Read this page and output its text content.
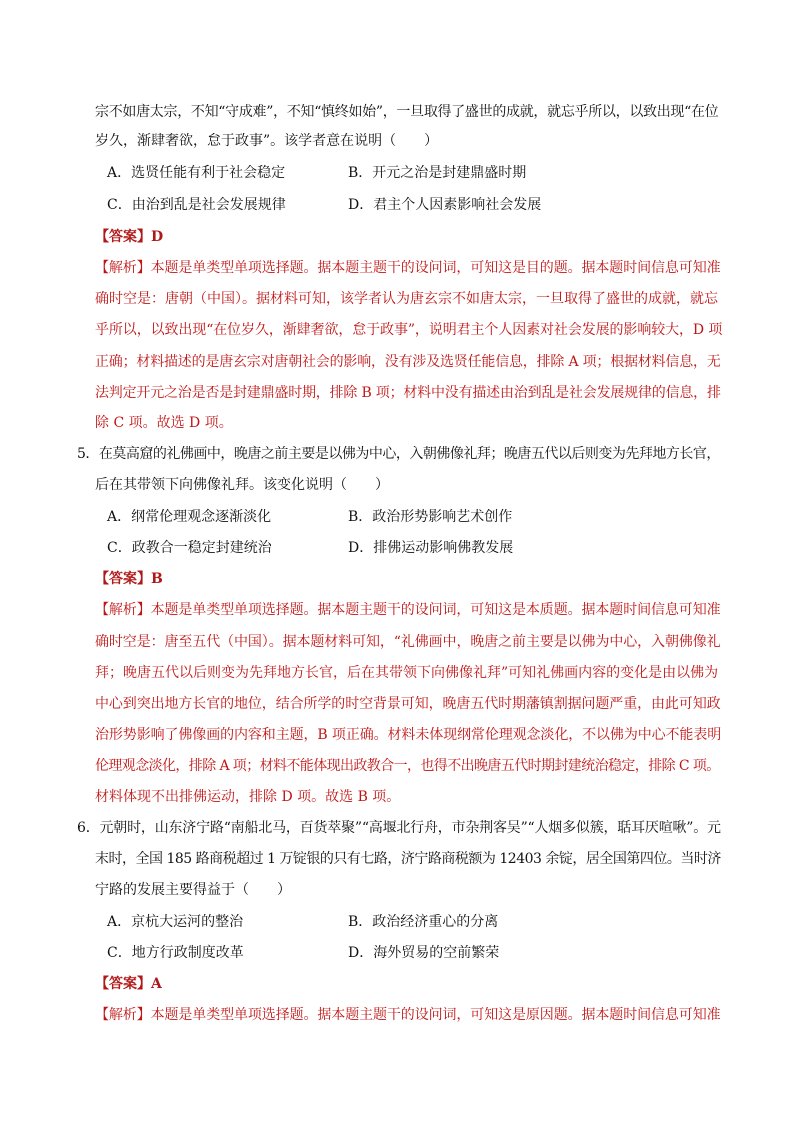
宗不如唐太宗，不知“守成难”，不知“慎终如始”，一旦取得了盛世的成就，就忘乎所以，以致出现“在位
岁久，渐肆奢欲，怠于政事”。该学者意在说明（　　）
A．选贤任能有利于社会稳定	B．开元之治是封建鼎盛时期
C．由治到乱是社会发展规律	D．君主个人因素影响社会发展
【答案】D
【解析】本题是单类型单项选择题。据本题主题干的设问词，可知这是目的题。据本题时间信息可知准
确时空是：唐朝（中国）。据材料可知，该学者认为唐玄宗不如唐太宗，一旦取得了盛世的成就，就忘
乎所以，以致出现“在位岁久，渐肆奢欲，怠于政事”，说明君主个人因素对社会发展的影响较大，D 项
正确；材料描述的是唐玄宗对唐朝社会的影响，没有涉及选贤任能信息，排除 A 项；根据材料信息，无
法判定开元之治是否是封建鼎盛时期，排除 B 项；材料中没有描述由治到乱是社会发展规律的信息，排
除 C 项。故选 D 项。
5．在莫高窟的礼佛画中，晚唐之前主要是以佛为中心，入朝佛像礼拜；晚唐五代以后则变为先拜地方长官，
后在其带领下向佛像礼拜。该变化说明（　　）
A．纲常伦理观念逐渐淡化	B．政治形势影响艺术创作
C．政教合一稳定封建统治	D．排佛运动影响佛教发展
【答案】B
【解析】本题是单类型单项选择题。据本题主题干的设问词，可知这是本质题。据本题时间信息可知准
确时空是：唐至五代（中国）。据本题材料可知，“礼佛画中，晚唐之前主要是以佛为中心，入朝佛像礼
拜；晚唐五代以后则变为先拜地方长官，后在其带领下向佛像礼拜”可知礼佛画内容的变化是由以佛为
中心到突出地方长官的地位，结合所学的时空背景可知，晚唐五代时期藩镇割据问题严重，由此可知政
治形势影响了佛像画的内容和主题，B 项正确。材料未体现纲常伦理观念淡化，不以佛为中心不能表明
伦理观念淡化，排除 A 项；材料不能体现出政教合一，也得不出晚唐五代时期封建统治稳定，排除 C 项。
材料体现不出排佛运动，排除 D 项。故选 B 项。
6．元朝时，山东济宁路“南船北马，百货萃聚”“高堰北行舟，市杂荆客吴”“人烟多似簇，聒耳厌喧啾”。元
末时，全国 185 路商税超过 1 万锭银的只有七路，济宁路商税额为 12403 余锭，居全国第四位。当时济
宁路的发展主要得益于（　　）
A．京杭大运河的整治	B．政治经济重心的分离
C．地方行政制度改革	D．海外贸易的空前繁荣
【答案】A
【解析】本题是单类型单项选择题。据本题主题干的设问词，可知这是原因题。据本题时间信息可知准
